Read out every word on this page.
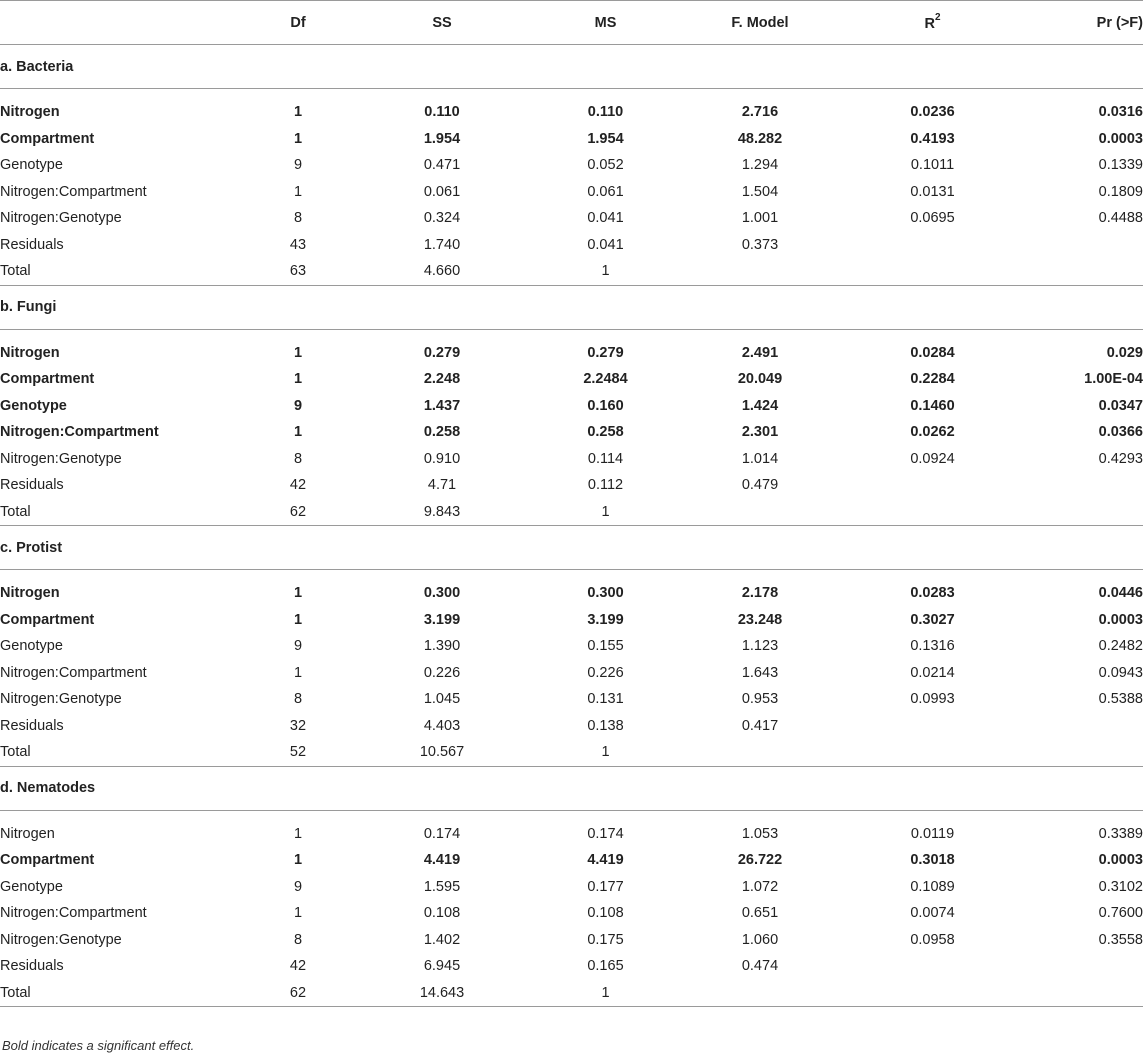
	Df	SS	MS	F. Model	$R^2$	Pr (>F)
a. Bacteria						

Nitrogen	1	0.110	0.110	2.716	0.0236	0.0316
Compartment	1	1.954	1.954	48.282	0.4193	0.0003
Genotype	9	0.471	0.052	1.294	0.1011	0.1339
Nitrogen:Compartment	1	0.061	0.061	1.504	0.0131	0.1809
Nitrogen:Genotype	8	0.324	0.041	1.001	0.0695	0.4488
Residuals	43	1.740	0.041	0.373		
Total	63	4.660	1			
b. Fungi						

Nitrogen	1	0.279	0.279	2.491	0.0284	0.029
Compartment	1	2.248	2.2484	20.049	0.2284	1.00E-04
Genotype	9	1.437	0.160	1.424	0.1460	0.0347
Nitrogen:Compartment	1	0.258	0.258	2.301	0.0262	0.0366
Nitrogen:Genotype	8	0.910	0.114	1.014	0.0924	0.4293
Residuals	42	4.71	0.112	0.479		
Total	62	9.843	1			
c. Protist						

Nitrogen	1	0.300	0.300	2.178	0.0283	0.0446
Compartment	1	3.199	3.199	23.248	0.3027	0.0003
Genotype	9	1.390	0.155	1.123	0.1316	0.2482
Nitrogen:Compartment	1	0.226	0.226	1.643	0.0214	0.0943
Nitrogen:Genotype	8	1.045	0.131	0.953	0.0993	0.5388
Residuals	32	4.403	0.138	0.417		
Total	52	10.567	1			
d. Nematodes						

Nitrogen	1	0.174	0.174	1.053	0.0119	0.3389
Compartment	1	4.419	4.419	26.722	0.3018	0.0003
Genotype	9	1.595	0.177	1.072	0.1089	0.3102
Nitrogen:Compartment	1	0.108	0.108	0.651	0.0074	0.7600
Nitrogen:Genotype	8	1.402	0.175	1.060	0.0958	0.3558
Residuals	42	6.945	0.165	0.474		
Total	62	14.643	1			

Bold indicates a significant effect.
